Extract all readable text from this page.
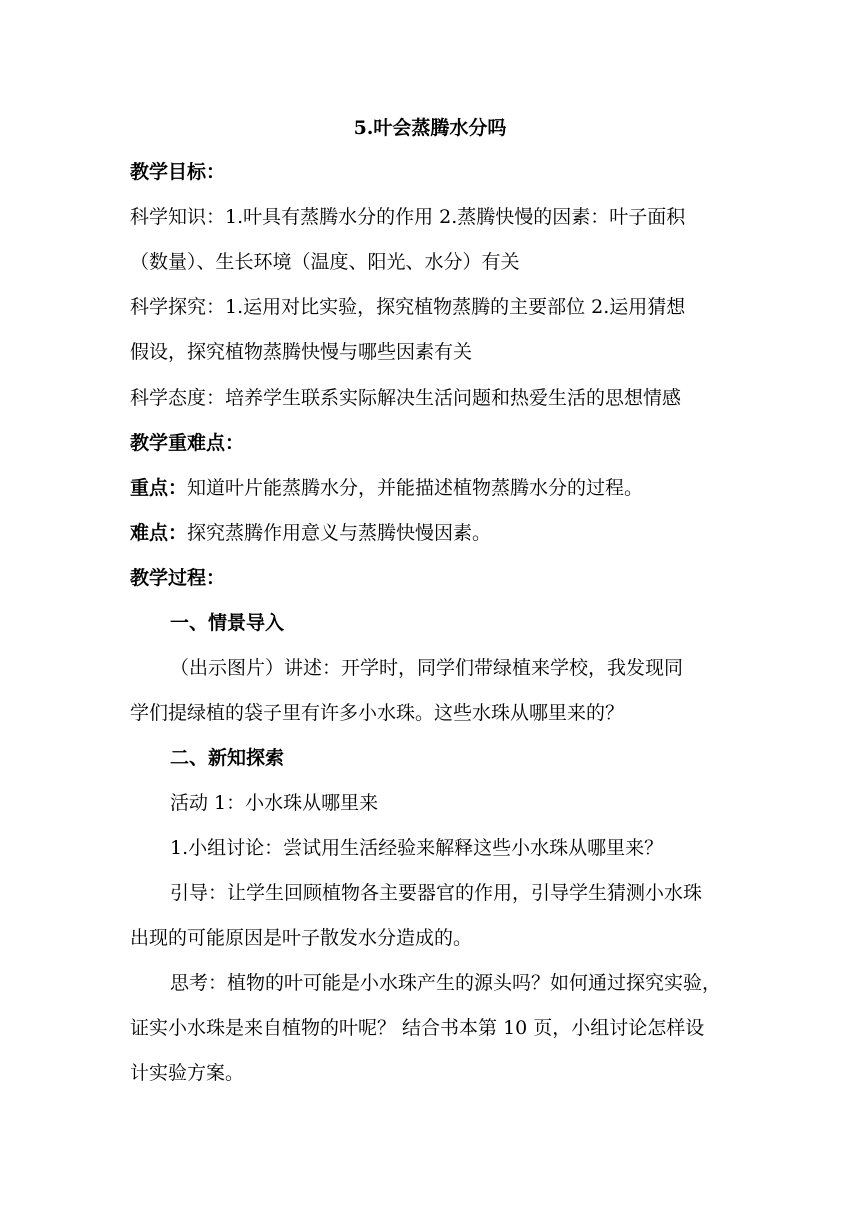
5.叶会蒸腾水分吗
教学目标：
科学知识：1.叶具有蒸腾水分的作用 2.蒸腾快慢的因素：叶子面积
（数量）、生长环境（温度、阳光、水分）有关
科学探究：1.运用对比实验，探究植物蒸腾的主要部位 2.运用猜想
假设，探究植物蒸腾快慢与哪些因素有关
科学态度：培养学生联系实际解决生活问题和热爱生活的思想情感
教学重难点：
重点：知道叶片能蒸腾水分，并能描述植物蒸腾水分的过程。
难点：探究蒸腾作用意义与蒸腾快慢因素。
教学过程：
一、情景导入
（出示图片）讲述：开学时，同学们带绿植来学校，我发现同
学们提绿植的袋子里有许多小水珠。这些水珠从哪里来的？
二、新知探索
活动 1：小水珠从哪里来
1.小组讨论：尝试用生活经验来解释这些小水珠从哪里来？
引导：让学生回顾植物各主要器官的作用，引导学生猜测小水珠
出现的可能原因是叶子散发水分造成的。
思考：植物的叶可能是小水珠产生的源头吗？如何通过探究实验，
证实小水珠是来自植物的叶呢？ 结合书本第 10 页，小组讨论怎样设
计实验方案。
